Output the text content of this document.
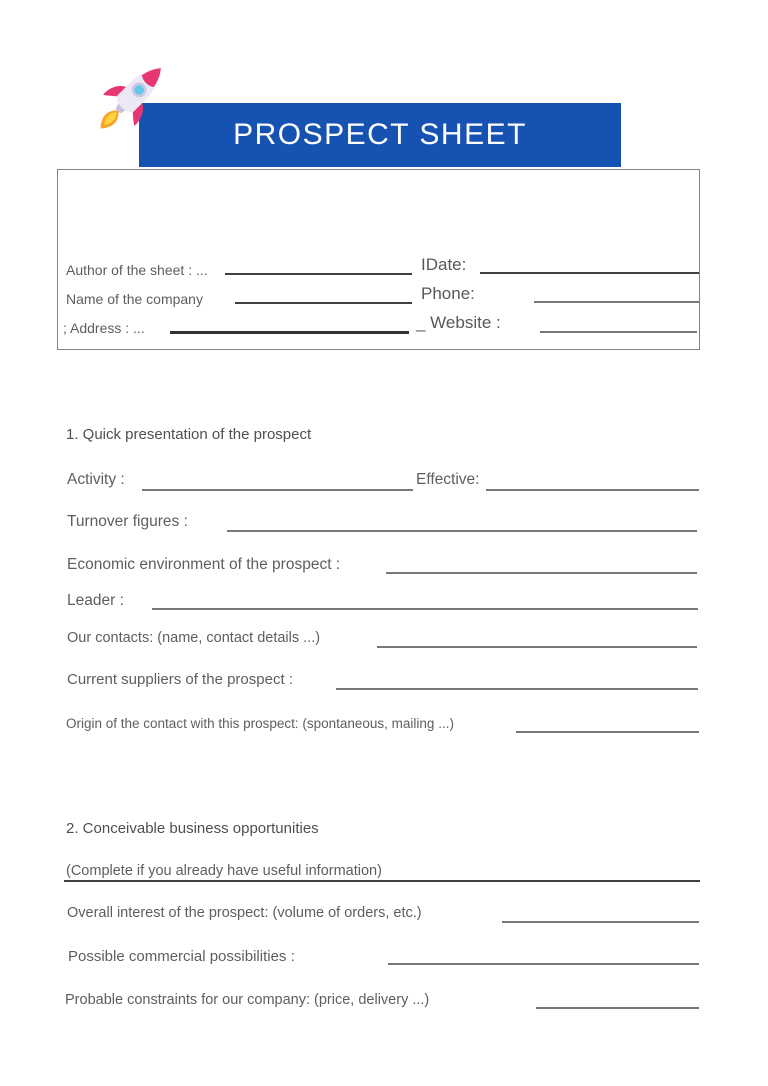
PROSPECT SHEET
Author of the sheet : ...	IDate:
Name of the company	Phone:
; Address : ...	_ Website :
1. Quick presentation of the prospect
Activity :	Effective:
Turnover figures :
Economic environment of the prospect :
Leader :
Our contacts: (name, contact details ...)
Current suppliers of the prospect :
Origin of the contact with this prospect: (spontaneous, mailing ...)
2. Conceivable business opportunities
(Complete if you already have useful information)
Overall interest of the prospect: (volume of orders, etc.)
Possible commercial possibilities :
Probable constraints for our company: (price, delivery ...)
